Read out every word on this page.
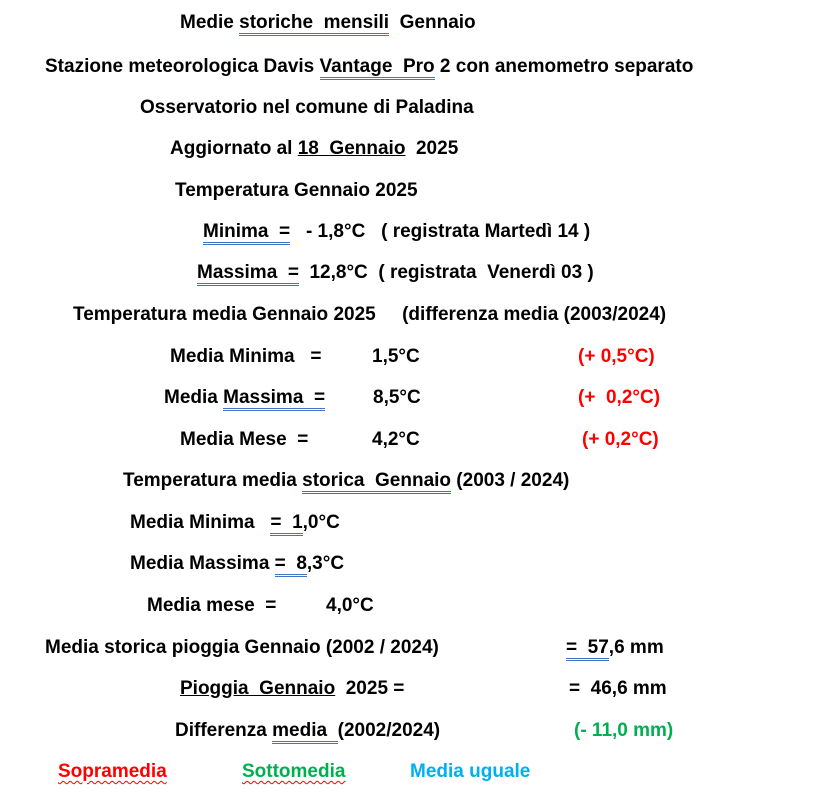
Medie storiche  mensili  Gennaio
Stazione meteorologica Davis Vantage  Pro 2 con anemometro separato
Osservatorio nel comune di Paladina
Aggiornato al 18  Gennaio  2025
Temperatura Gennaio 2025
Minima  =   - 1,8°C   ( registrata Martedì 14 )
Massima  =  12,8°C  ( registrata  Venerdì 03 )
Temperatura media Gennaio 2025     (differenza media (2003/2024)
Media Minima   =	1,5°C	(+ 0,5°C)
Media Massima  =	8,5°C	(+  0,2°C)
Media Mese  =	4,2°C	(+ 0,2°C)
Temperatura media storica  Gennaio (2003 / 2024)
Media Minima   =  1,0°C
Media Massima =  8,3°C
Media mese  =	4,0°C
Media storica pioggia Gennaio (2002 / 2024)	=  57,6 mm
Pioggia  Gennaio  2025 =	=  46,6 mm
Differenza media  (2002/2024)	(- 11,0 mm)
Sopramedia	Sottomedia	Media uguale
